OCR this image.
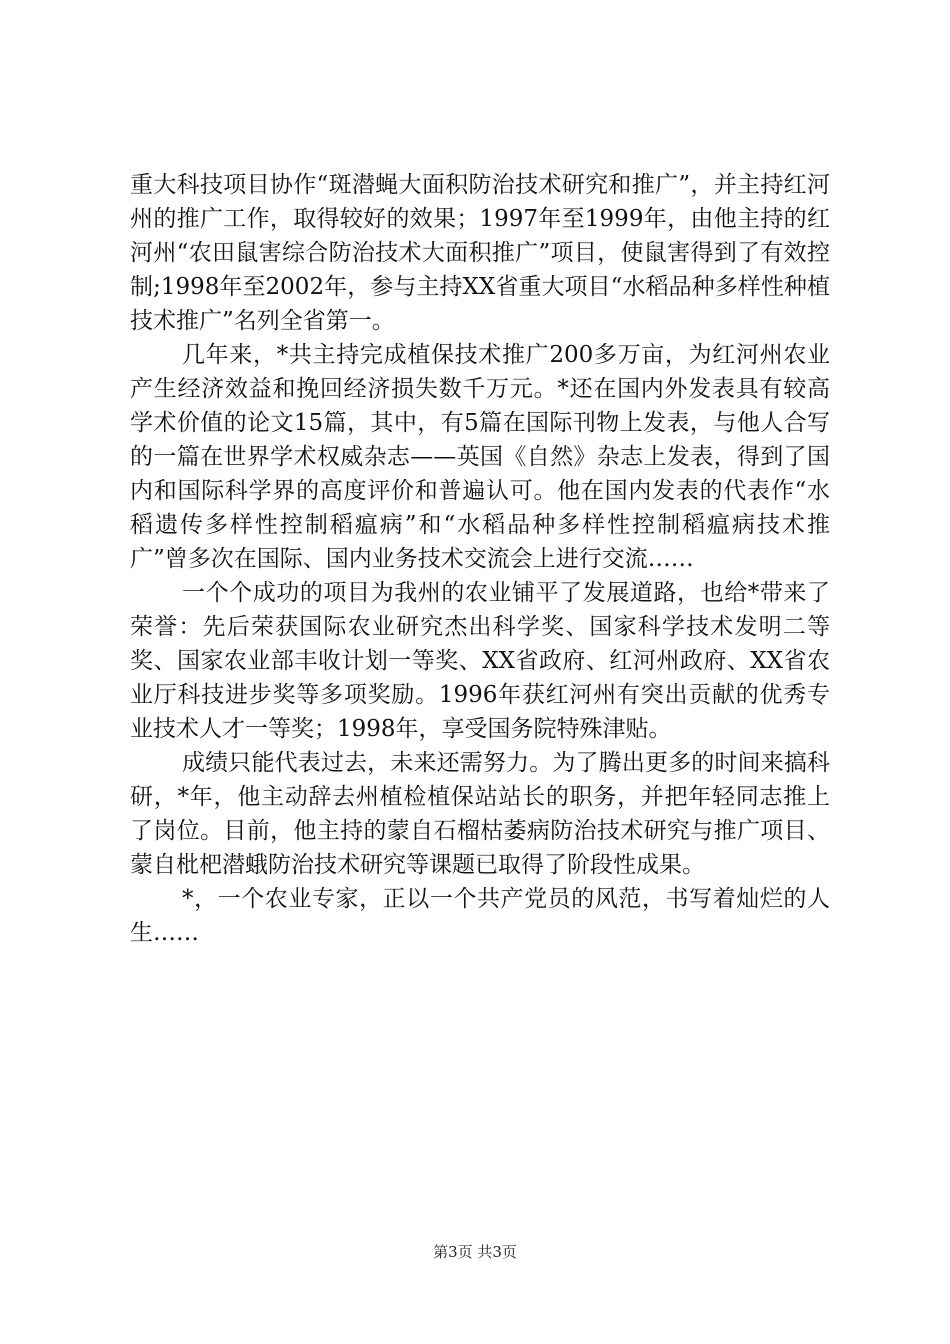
重大科技项目协作“斑潜蝇大面积防治技术研究和推广”，并主持红河州的推广工作，取得较好的效果；1997年至1999年，由他主持的红河州“农田鼠害综合防治技术大面积推广”项目，使鼠害得到了有效控制;1998年至2002年，参与主持XX省重大项目“水稻品种多样性种植技术推广”名列全省第一。

几年来，*共主持完成植保技术推广200多万亩，为红河州农业产生经济效益和挽回经济损失数千万元。*还在国内外发表具有较高学术价值的论文15篇，其中，有5篇在国际刊物上发表，与他人合写的一篇在世界学术权威杂志——英国《自然》杂志上发表，得到了国内和国际科学界的高度评价和普遍认可。他在国内发表的代表作“水稻遗传多样性控制稻瘟病”和“水稻品种多样性控制稻瘟病技术推广”曾多次在国际、国内业务技术交流会上进行交流……

一个个成功的项目为我州的农业铺平了发展道路，也给*带来了荣誉：先后荣获国际农业研究杰出科学奖、国家科学技术发明二等奖、国家农业部丰收计划一等奖、XX省政府、红河州政府、XX省农业厅科技进步奖等多项奖励。1996年获红河州有突出贡献的优秀专业技术人才一等奖；1998年，享受国务院特殊津贴。

成绩只能代表过去，未来还需努力。为了腾出更多的时间来搞科研，*年，他主动辞去州植检植保站站长的职务，并把年轻同志推上了岗位。目前，他主持的蒙自石榴枯萎病防治技术研究与推广项目、蒙自枇杷潜蛾防治技术研究等课题已取得了阶段性成果。

*，一个农业专家，正以一个共产党员的风范，书写着灿烂的人生……

第3页 共3页
